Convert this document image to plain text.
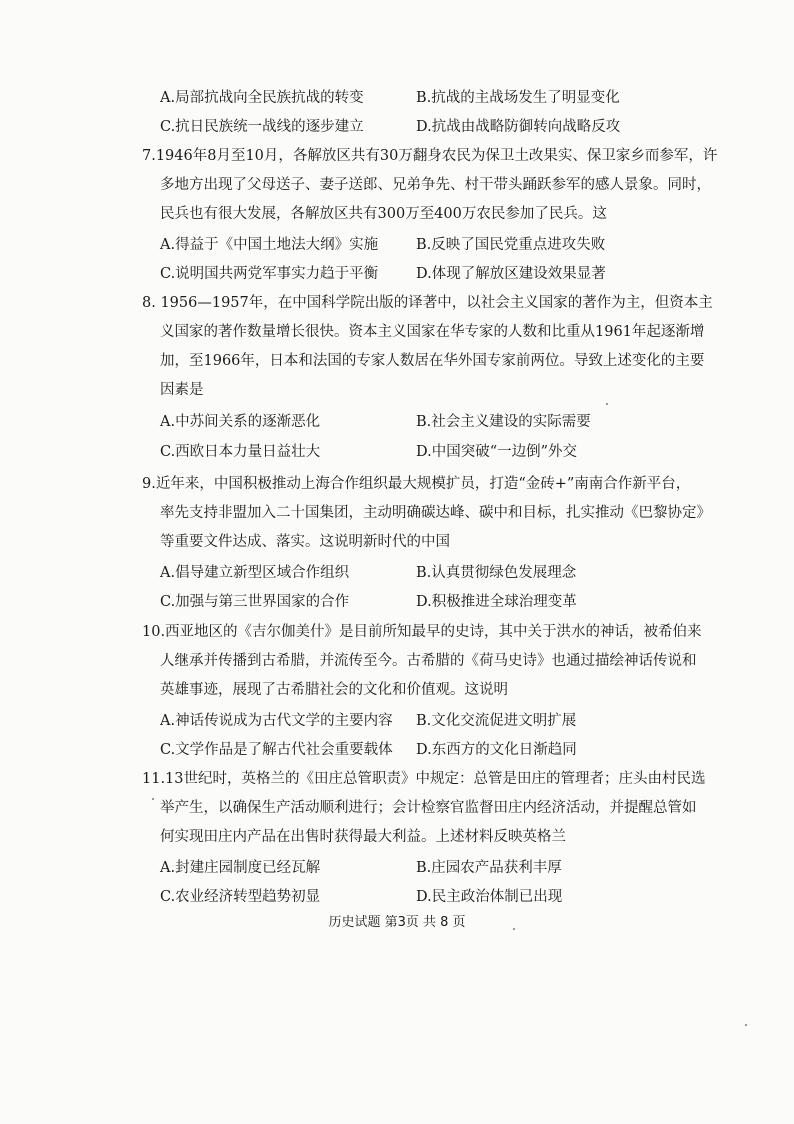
A.局部抗战向全民族抗战的转变	B.抗战的主战场发生了明显变化
C.抗日民族统一战线的逐步建立	D.抗战由战略防御转向战略反攻
7.1946年8月至10月，各解放区共有30万翻身农民为保卫土改果实、保卫家乡而参军，许
多地方出现了父母送子、妻子送郎、兄弟争先、村干带头踊跃参军的感人景象。同时，
民兵也有很大发展，各解放区共有300万至400万农民参加了民兵。这
A.得益于《中国土地法大纲》实施	B.反映了国民党重点进攻失败
C.说明国共两党军事实力趋于平衡	D.体现了解放区建设效果显著
8. 1956—1957年，在中国科学院出版的译著中，以社会主义国家的著作为主，但资本主
义国家的著作数量增长很快。资本主义国家在华专家的人数和比重从1961年起逐渐增
加，至1966年，日本和法国的专家人数居在华外国专家前两位。导致上述变化的主要
因素是
A.中苏间关系的逐渐恶化	B.社会主义建设的实际需要
C.西欧日本力量日益壮大	D.中国突破“一边倒”外交
9.近年来，中国积极推动上海合作组织最大规模扩员，打造“金砖+”南南合作新平台，
率先支持非盟加入二十国集团，主动明确碳达峰、碳中和目标，扎实推动《巴黎协定》
等重要文件达成、落实。这说明新时代的中国
A.倡导建立新型区域合作组织	B.认真贯彻绿色发展理念
C.加强与第三世界国家的合作	D.积极推进全球治理变革
10.西亚地区的《吉尔伽美什》是目前所知最早的史诗，其中关于洪水的神话，被希伯来
人继承并传播到古希腊，并流传至今。古希腊的《荷马史诗》也通过描绘神话传说和
英雄事迹，展现了古希腊社会的文化和价值观。这说明
A.神话传说成为古代文学的主要内容 B.文化交流促进文明扩展
C.文学作品是了解古代社会重要载体 D.东西方的文化日渐趋同
11.13世纪时，英格兰的《田庄总管职责》中规定：总管是田庄的管理者；庄头由村民选
举产生，以确保生产活动顺利进行；会计检察官监督田庄内经济活动，并提醒总管如
何实现田庄内产品在出售时获得最大利益。上述材料反映英格兰
A.封建庄园制度已经瓦解	B.庄园农产品获利丰厚
C.农业经济转型趋势初显	D.民主政治体制已出现
历史试题 第3页 共 8 页
